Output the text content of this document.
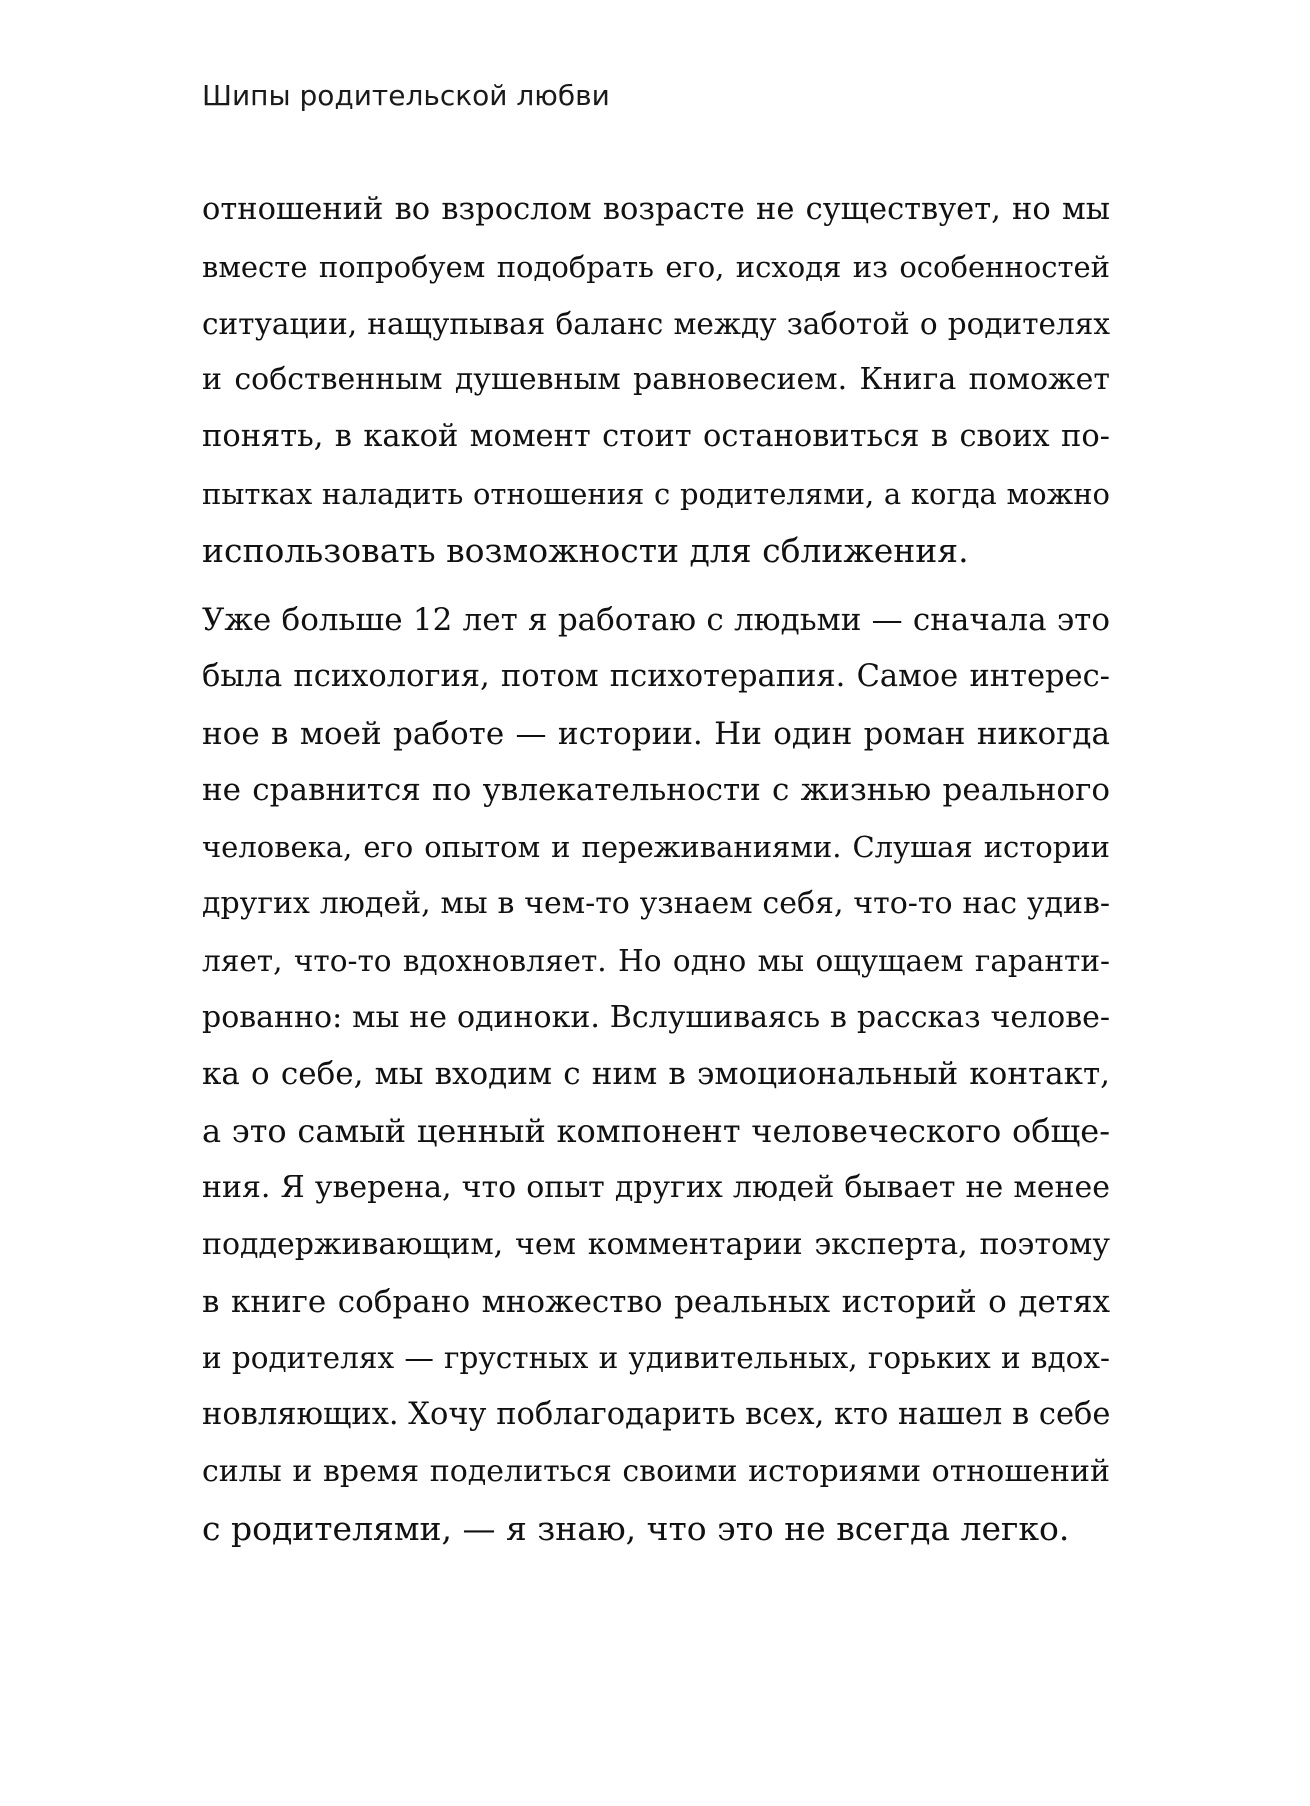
Шипы родительской любви
отношений во взрослом возрасте не существует, но мы
вместе попробуем подобрать его, исходя из особенностей
ситуации, нащупывая баланс между заботой о родителях
и собственным душевным равновесием. Книга поможет
понять, в какой момент стоит остановиться в своих по-
пытках наладить отношения с родителями, а когда можно
использовать возможности для сближения.
Уже больше 12 лет я работаю с людьми — сначала это
была психология, потом психотерапия. Самое интерес-
ное в моей работе — истории. Ни один роман никогда
не сравнится по увлекательности с жизнью реального
человека, его опытом и переживаниями. Слушая истории
других людей, мы в чем-то узнаем себя, что-то нас удив-
ляет, что-то вдохновляет. Но одно мы ощущаем гаранти-
рованно: мы не одиноки. Вслушиваясь в рассказ челове-
ка о себе, мы входим с ним в эмоциональный контакт,
а это самый ценный компонент человеческого обще-
ния. Я уверена, что опыт других людей бывает не менее
поддерживающим, чем комментарии эксперта, поэтому
в книге собрано множество реальных историй о детях
и родителях — грустных и удивительных, горьких и вдох-
новляющих. Хочу поблагодарить всех, кто нашел в себе
силы и время поделиться своими историями отношений
с родителями, — я знаю, что это не всегда легко.
